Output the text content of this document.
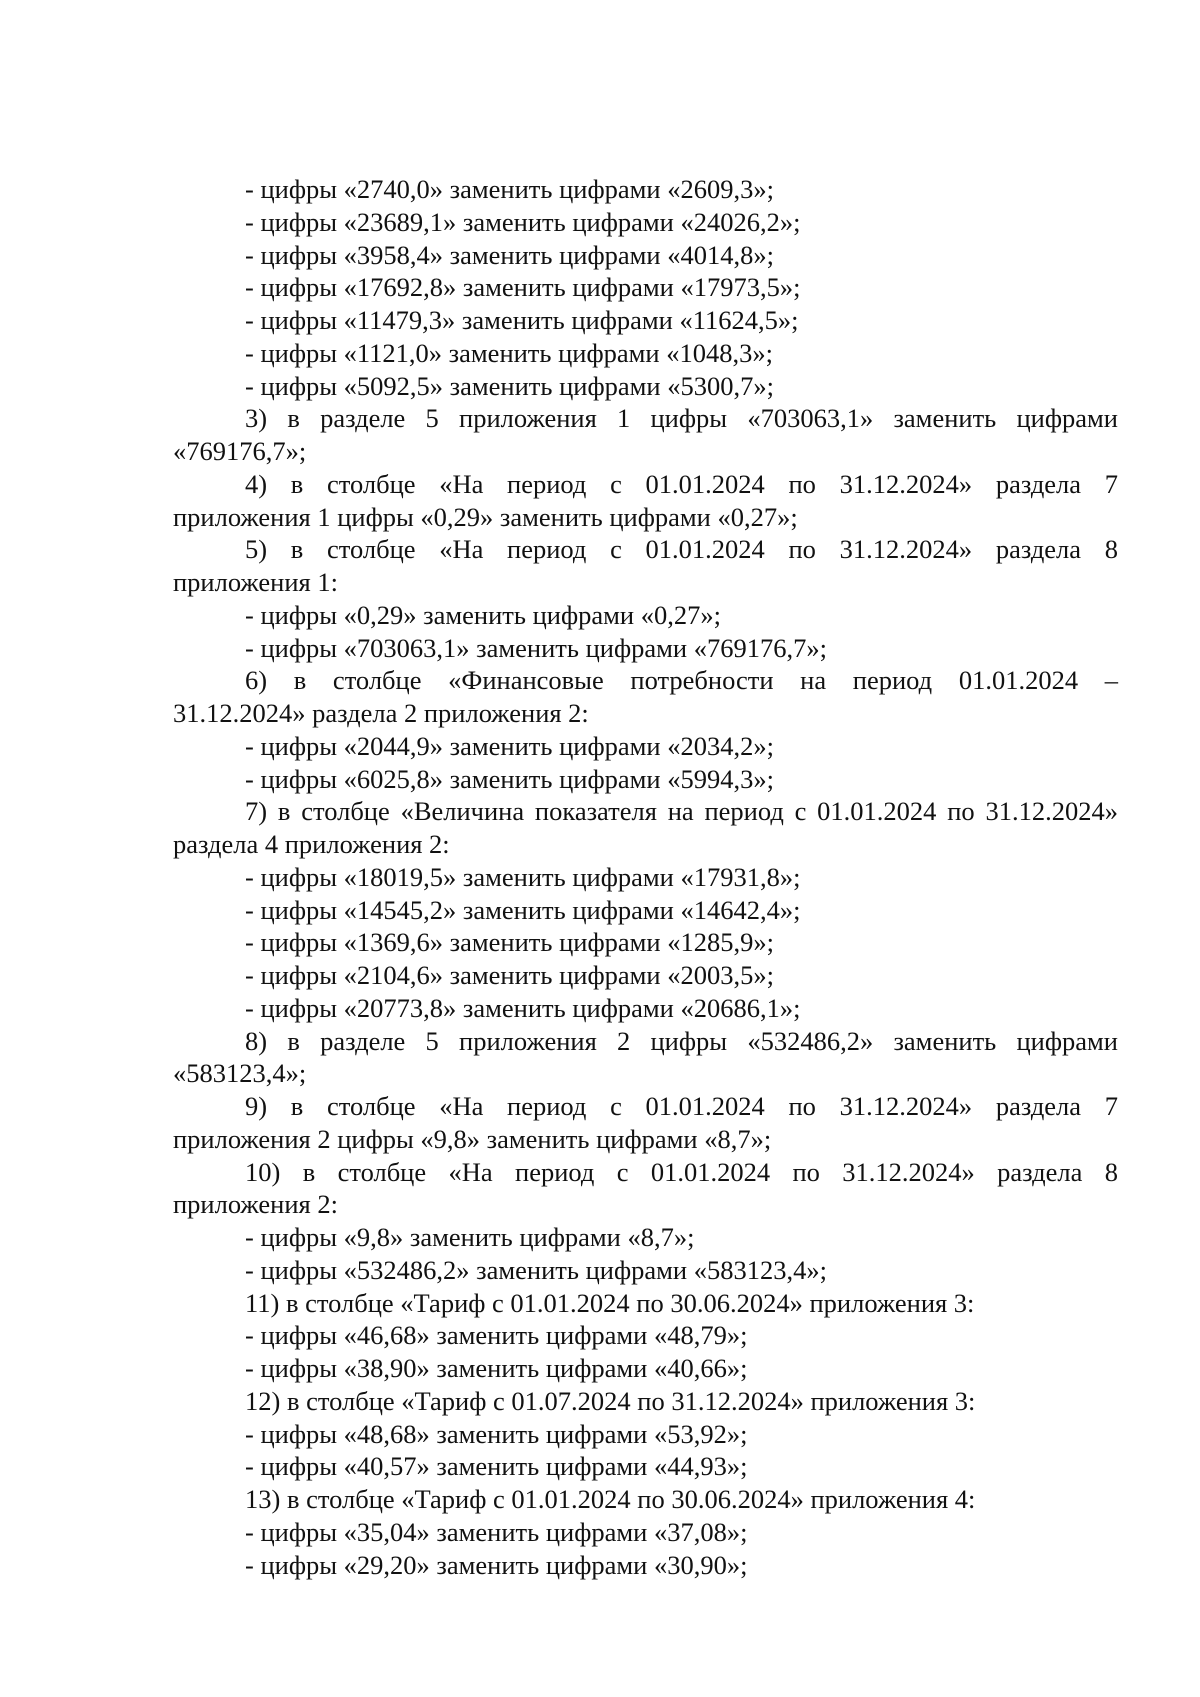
- цифры «2740,0» заменить цифрами «2609,3»;
- цифры «23689,1» заменить цифрами «24026,2»;
- цифры «3958,4» заменить цифрами «4014,8»;
- цифры «17692,8» заменить цифрами «17973,5»;
- цифры «11479,3» заменить цифрами «11624,5»;
- цифры «1121,0» заменить цифрами «1048,3»;
- цифры «5092,5» заменить цифрами «5300,7»;
3) в разделе 5 приложения 1 цифры «703063,1» заменить цифрами
«769176,7»;
4) в столбце «На период с 01.01.2024 по 31.12.2024» раздела 7
приложения 1 цифры «0,29» заменить цифрами «0,27»;
5) в столбце «На период с 01.01.2024 по 31.12.2024» раздела 8
приложения 1:
- цифры «0,29» заменить цифрами «0,27»;
- цифры «703063,1» заменить цифрами «769176,7»;
6) в столбце «Финансовые потребности на период 01.01.2024 –
31.12.2024» раздела 2 приложения 2:
- цифры «2044,9» заменить цифрами «2034,2»;
- цифры «6025,8» заменить цифрами «5994,3»;
7) в столбце «Величина показателя на период с 01.01.2024 по 31.12.2024»
раздела 4 приложения 2:
- цифры «18019,5» заменить цифрами «17931,8»;
- цифры «14545,2» заменить цифрами «14642,4»;
- цифры «1369,6» заменить цифрами «1285,9»;
- цифры «2104,6» заменить цифрами «2003,5»;
- цифры «20773,8» заменить цифрами «20686,1»;
8) в разделе 5 приложения 2 цифры «532486,2» заменить цифрами
«583123,4»;
9) в столбце «На период с 01.01.2024 по 31.12.2024» раздела 7
приложения 2 цифры «9,8» заменить цифрами «8,7»;
10) в столбце «На период с 01.01.2024 по 31.12.2024» раздела 8
приложения 2:
- цифры «9,8» заменить цифрами «8,7»;
- цифры «532486,2» заменить цифрами «583123,4»;
11) в столбце «Тариф с 01.01.2024 по 30.06.2024» приложения 3:
- цифры «46,68» заменить цифрами «48,79»;
- цифры «38,90» заменить цифрами «40,66»;
12) в столбце «Тариф с 01.07.2024 по 31.12.2024» приложения 3:
- цифры «48,68» заменить цифрами «53,92»;
- цифры «40,57» заменить цифрами «44,93»;
13) в столбце «Тариф с 01.01.2024 по 30.06.2024» приложения 4:
- цифры «35,04» заменить цифрами «37,08»;
- цифры «29,20» заменить цифрами «30,90»;
